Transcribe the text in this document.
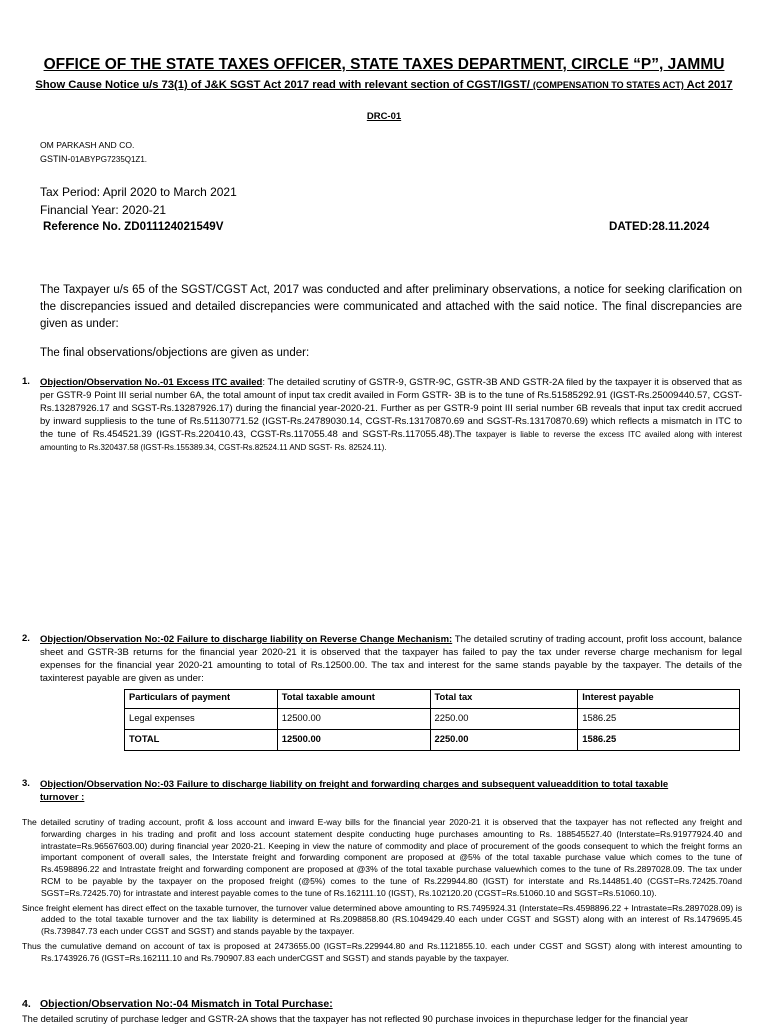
OFFICE OF THE STATE TAXES OFFICER, STATE TAXES DEPARTMENT, CIRCLE “P”, JAMMU
Show Cause Notice u/s 73(1) of J&K SGST Act 2017 read with relevant section of CGST/IGST/ (COMPENSATION TO STATES ACT) Act 2017
DRC-01
OM PARKASH AND CO.
GSTIN-01ABYPG7235Q1Z1.
Tax Period: April 2020 to March 2021
Financial Year: 2020-21
Reference No. ZD011124021549V	DATED:28.11.2024
The Taxpayer u/s 65 of the SGST/CGST Act, 2017 was conducted and after preliminary observations, a notice for seeking clarification on the discrepancies issued and detailed discrepancies were communicated and attached with the said notice. The final discrepancies are given as under:
The final observations/objections are given as under:
1. Objection/Observation No.-01 Excess ITC availed: The detailed scrutiny of GSTR-9, GSTR-9C, GSTR-3B AND GSTR-2A filed by the taxpayer it is observed that as per GSTR-9 Point III serial number 6A, the total amount of input tax credit availed in Form GSTR- 3B is to the tune of Rs.51585292.91 (IGST-Rs.25009440.57, CGST-Rs.13287926.17 and SGST-Rs.13287926.17) during the financial year-2020-21. Further as per GSTR-9 point III serial number 6B reveals that input tax credit accrued by inward suppliesis to the tune of Rs.51130771.52 (IGST-Rs.24789030.14, CGST-Rs.13170870.69 and SGST-Rs.13170870.69) which reflects a mismatch in ITC to the tune of Rs.454521.39 (IGST-Rs.220410.43, CGST-Rs.117055.48 and SGST-Rs.117055.48).The taxpayer is liable to reverse the excess ITC availed along with interest amounting to Rs.320437.58 (IGST-Rs.155389.34, CGST-Rs.82524.11 AND SGST- Rs. 82524.11).
2. Objection/Observation No:-02 Failure to discharge liability on Reverse Change Mechanism: The detailed scrutiny of trading account, profit loss account, balance sheet and GSTR-3B returns for the financial year 2020-21 it is observed that the taxpayer has failed to pay the tax under reverse charge mechanism for legal expenses for the financial year 2020-21 amounting to total of Rs.12500.00. The tax and interest for the same stands payable by the taxpayer. The details of the taxinterest payable are given as under:
Particulars of payment	Total taxable amount	Total tax	Interest payable
Legal expenses	12500.00	2250.00	1586.25
TOTAL	12500.00	2250.00	1586.25
3. Objection/Observation No:-03 Failure to discharge liability on freight and forwarding charges and subsequent valueaddition to total taxable turnover :

The detailed scrutiny of trading account, profit & loss account and inward E-way bills for the financial year 2020-21 it is observed that the taxpayer has not reflected any freight and forwarding charges in his trading and profit and loss account statement despite conducting huge purchases amounting to Rs. 188545527.40 (Interstate=Rs.91977924.40 and intrastate=Rs.96567603.00) during financial year 2020-21. Keeping in view the nature of commodity and place of procurement of the goods consequent to which the freight forms an important component of overall sales, the Interstate freight and forwarding component are proposed at @5% of the total taxable purchase value which comes to the tune of Rs.4598896.22 and Intrastate freight and forwarding component are proposed at @3% of the total taxable purchase valuewhich comes to the tune of Rs.2897028.09. The tax under RCM to be payable by the taxpayer on the proposed freight (@5%) comes to the tune of Rs.229944.80 (IGST) for interstate and Rs.144851.40 (CGST=Rs.72425.70and SGST=Rs.72425.70) for intrastate and interest payable comes to the tune of Rs.162111.10 (IGST), Rs.102120.20 (CGST=Rs.51060.10 and SGST=Rs.51060.10).

Since freight element has direct effect on the taxable turnover, the turnover value determined above amounting to RS.7495924.31 (Interstate=Rs.4598896.22 + Intrastate=Rs.2897028.09) is added to the total taxable turnover and the tax liability is determined at Rs.2098858.80 (RS.1049429.40 each under CGST and SGST) along with an interest of Rs.1479695.45 (Rs.739847.73 each under CGST and SGST) and stands payable by the taxpayer.

Thus the cumulative demand on account of tax is proposed at 2473655.00 (IGST=Rs.229944.80 and Rs.1121855.10. each under CGST and SGST) along with interest amounting to Rs.1743926.76 (IGST=Rs.162111.10 and Rs.790907.83 each underCGST and SGST) and stands payable by the taxpayer.

4. Objection/Observation No:-04 Mismatch in Total Purchase:
The detailed scrutiny of purchase ledger and GSTR-2A shows that the taxpayer has not reflected 90 purchase invoices in thepurchase ledger for the financial year
